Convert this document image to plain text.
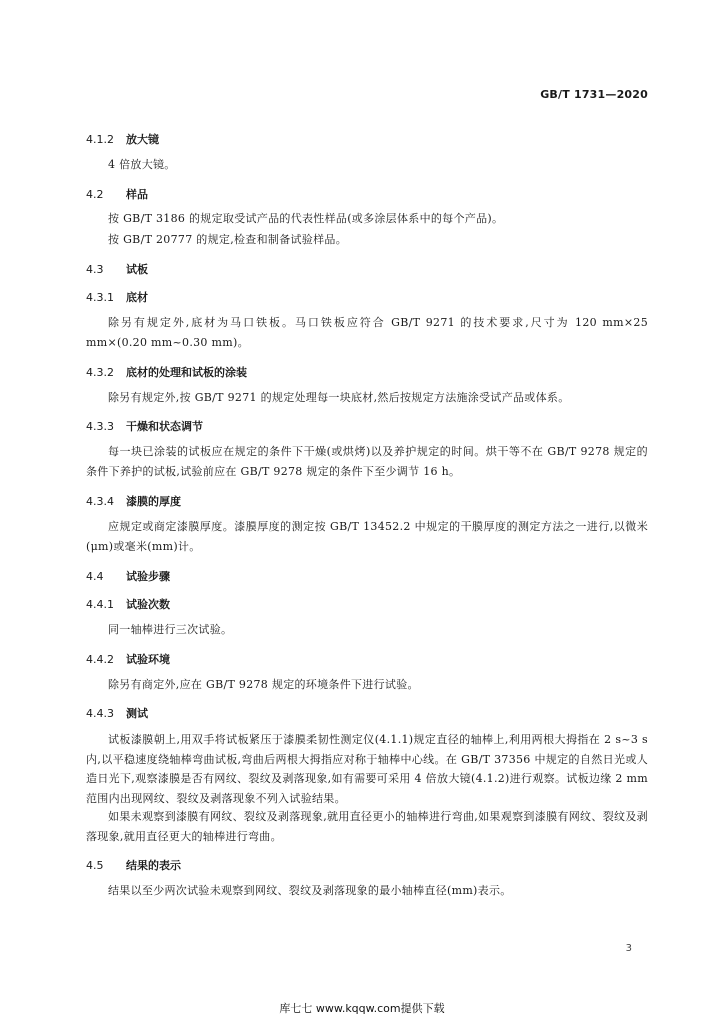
GB/T 1731—2020
4.1.2 放大镜

4 倍放大镜。

4.2 样品

按 GB/T 3186 的规定取受试产品的代表性样品(或多涂层体系中的每个产品)。

按 GB/T 20777 的规定,检查和制备试验样品。

4.3 试板
4.3.1 底材

除另有规定外,底材为马口铁板。马口铁板应符合 GB/T 9271 的技术要求,尺寸为 120 mm×25 mm×(0.20 mm~0.30 mm)。

4.3.2 底材的处理和试板的涂装

除另有规定外,按 GB/T 9271 的规定处理每一块底材,然后按规定方法施涂受试产品或体系。

4.3.3 干燥和状态调节

每一块已涂装的试板应在规定的条件下干燥(或烘烤)以及养护规定的时间。烘干等不在 GB/T 9278 规定的条件下养护的试板,试验前应在 GB/T 9278 规定的条件下至少调节 16 h。

4.3.4 漆膜的厚度

应规定或商定漆膜厚度。漆膜厚度的测定按 GB/T 13452.2 中规定的干膜厚度的测定方法之一进行,以微米(μm)或毫米(mm)计。

4.4 试验步骤
4.4.1 试验次数

同一轴棒进行三次试验。

4.4.2 试验环境

除另有商定外,应在 GB/T 9278 规定的环境条件下进行试验。

4.4.3 测试

试板漆膜朝上,用双手将试板紧压于漆膜柔韧性测定仪(4.1.1)规定直径的轴棒上,利用两根大拇指在 2 s~3 s 内,以平稳速度绕轴棒弯曲试板,弯曲后两根大拇指应对称于轴棒中心线。在 GB/T 37356 中规定的自然日光或人造日光下,观察漆膜是否有网纹、裂纹及剥落现象,如有需要可采用 4 倍放大镜(4.1.2)进行观察。试板边缘 2 mm 范围内出现网纹、裂纹及剥落现象不列入试验结果。

如果未观察到漆膜有网纹、裂纹及剥落现象,就用直径更小的轴棒进行弯曲,如果观察到漆膜有网纹、裂纹及剥落现象,就用直径更大的轴棒进行弯曲。

4.5 结果的表示

结果以至少两次试验未观察到网纹、裂纹及剥落现象的最小轴棒直径(mm)表示。

3
库七七 www.kqqw.com提供下载
